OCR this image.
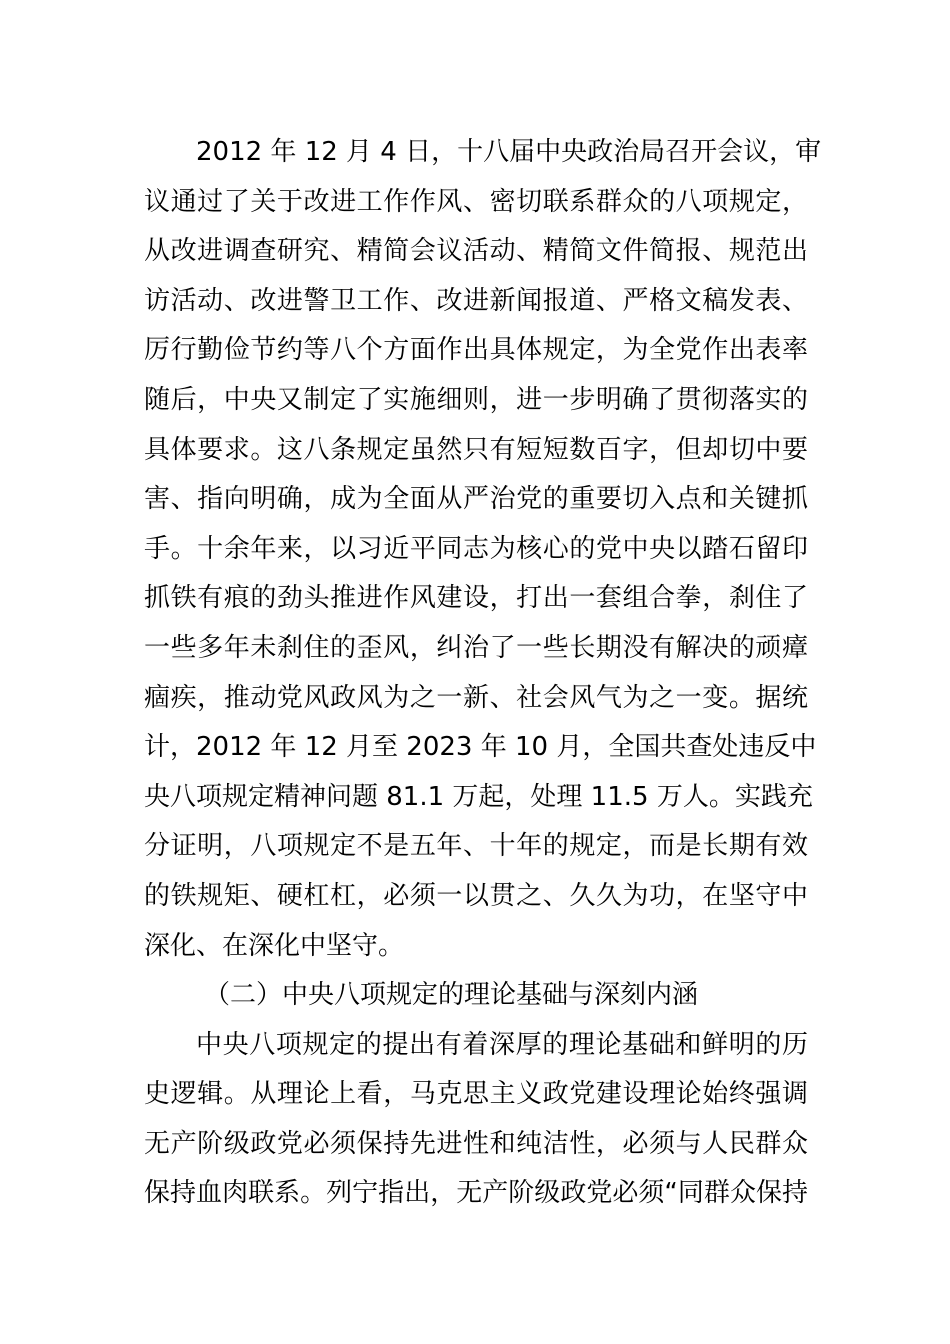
2012 年 12 月 4 日，十八届中央政治局召开会议，审
议通过了关于改进工作作风、密切联系群众的八项规定，
从改进调查研究、精简会议活动、精简文件简报、规范出
访活动、改进警卫工作、改进新闻报道、严格文稿发表、
厉行勤俭节约等八个方面作出具体规定，为全党作出表率
随后，中央又制定了实施细则，进一步明确了贯彻落实的
具体要求。这八条规定虽然只有短短数百字，但却切中要
害、指向明确，成为全面从严治党的重要切入点和关键抓
手。十余年来，以习近平同志为核心的党中央以踏石留印
抓铁有痕的劲头推进作风建设，打出一套组合拳，刹住了
一些多年未刹住的歪风，纠治了一些长期没有解决的顽瘴
痼疾，推动党风政风为之一新、社会风气为之一变。据统
计，2012 年 12 月至 2023 年 10 月，全国共查处违反中
央八项规定精神问题 81.1 万起，处理 11.5 万人。实践充
分证明，八项规定不是五年、十年的规定，而是长期有效
的铁规矩、硬杠杠，必须一以贯之、久久为功，在坚守中
深化、在深化中坚守。
（二）中央八项规定的理论基础与深刻内涵
中央八项规定的提出有着深厚的理论基础和鲜明的历
史逻辑。从理论上看，马克思主义政党建设理论始终强调
无产阶级政党必须保持先进性和纯洁性，必须与人民群众
保持血肉联系。列宁指出，无产阶级政党必须“同群众保持
